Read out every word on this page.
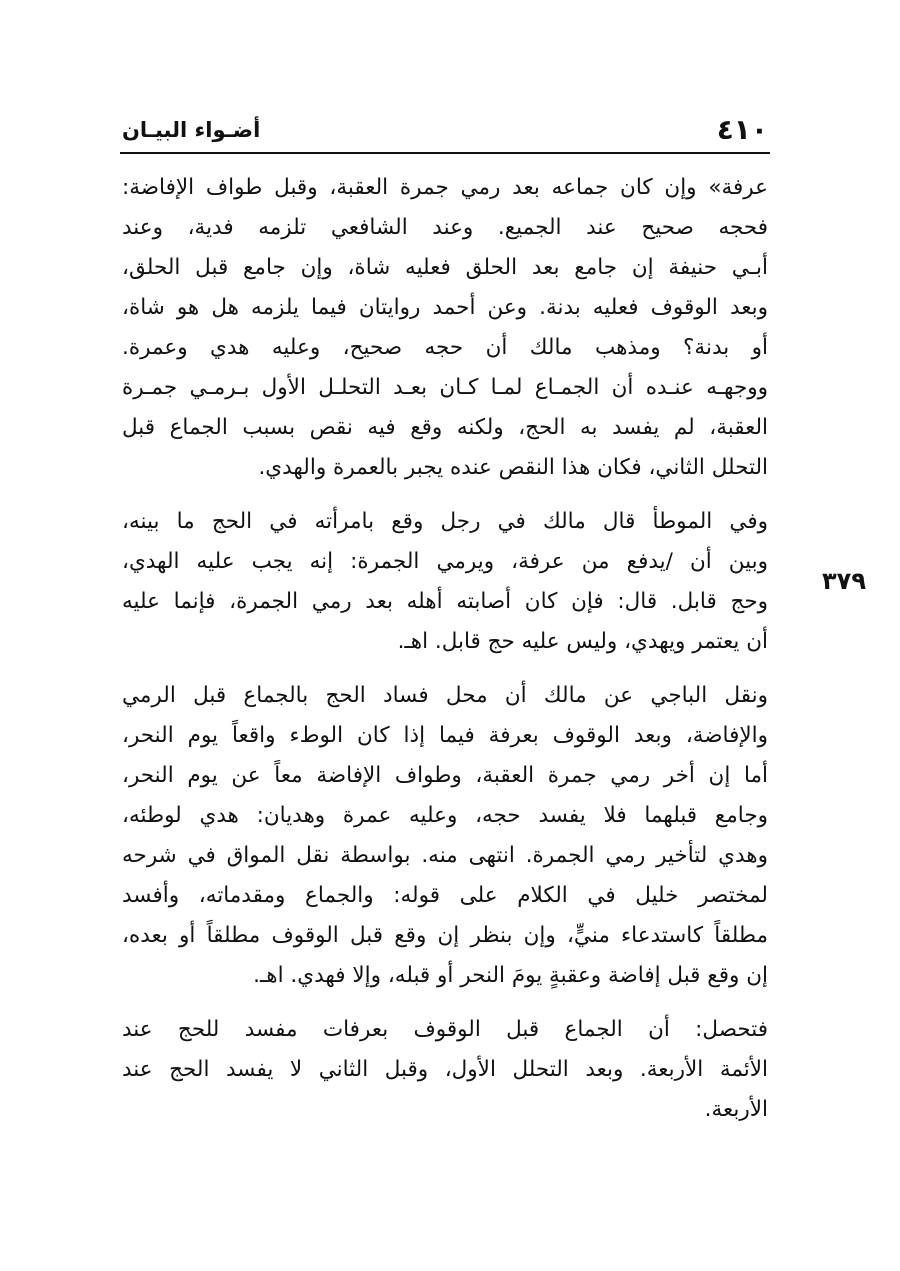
٤١٠
أضـواء البيـان
٣٧٩
عرفة» وإن كان جماعه بعد رمي جمرة العقبة، وقبل طواف الإفاضة:
فحجه صحيح عند الجميع. وعند الشافعي تلزمه فدية، وعند
أبـي حنيفة إن جامع بعد الحلق فعليه شاة، وإن جامع قبل الحلق،
وبعد الوقوف فعليه بدنة. وعن أحمد روايتان فيما يلزمه هل هو شاة،
أو بدنة؟ ومذهب مالك أن حجه صحيح، وعليه هدي وعمرة.
ووجهـه عنـده أن الجمـاع لمـا كـان بعـد التحلـل الأول بـرمـي جمـرة
العقبة، لم يفسد به الحج، ولكنه وقع فيه نقص بسبب الجماع قبل
التحلل الثاني، فكان هذا النقص عنده يجبر بالعمرة والهدي.
وفي الموطأ قال مالك في رجل وقع بامرأته في الحج ما بينه،
وبين أن /يدفع من عرفة، ويرمي الجمرة: إنه يجب عليه الهدي،
وحج قابل. قال: فإن كان أصابته أهله بعد رمي الجمرة، فإنما عليه
أن يعتمر ويهدي، وليس عليه حج قابل. اهـ.
ونقل الباجي عن مالك أن محل فساد الحج بالجماع قبل الرمي
والإفاضة، وبعد الوقوف بعرفة فيما إذا كان الوطء واقعاً يوم النحر،
أما إن أخر رمي جمرة العقبة، وطواف الإفاضة معاً عن يوم النحر،
وجامع قبلهما فلا يفسد حجه، وعليه عمرة وهديان: هدي لوطئه،
وهدي لتأخير رمي الجمرة. انتهى منه. بواسطة نقل المواق في شرحه
لمختصر خليل في الكلام على قوله: والجماع ومقدماته، وأفسد
مطلقاً كاستدعاء منيٍّ، وإن بنظر إن وقع قبل الوقوف مطلقاً أو بعده،
إن وقع قبل إفاضة وعقبةٍ يومَ النحر أو قبله، وإلا فهدي. اهـ.
فتحصل: أن الجماع قبل الوقوف بعرفات مفسد للحج عند
الأئمة الأربعة. وبعد التحلل الأول، وقبل الثاني لا يفسد الحج عند
الأربعة.
